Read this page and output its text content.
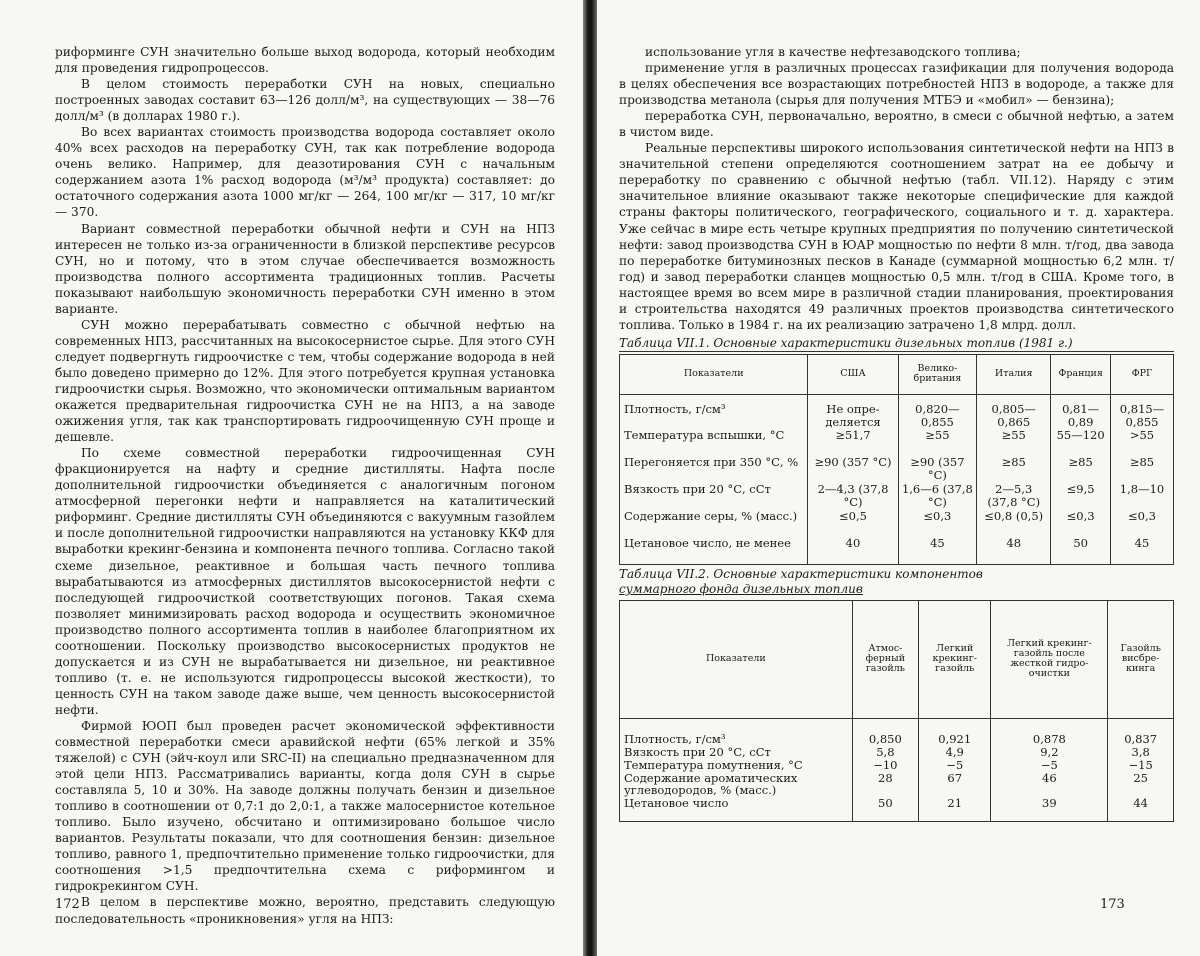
риформинге СУН значительно больше выход водорода, который необходим для проведения гидропроцессов.

В целом стоимость переработки СУН на новых, специально построенных заводах составит 63—126 долл/м³, на существующих — 38—76 долл/м³ (в долларах 1980 г.).

Во всех вариантах стоимость производства водорода составляет около 40% всех расходов на переработку СУН, так как потребление водорода очень велико. Например, для деазотирования СУН с начальным содержанием азота 1% расход водорода (м³/м³ продукта) составляет: до остаточного содержания азота 1000 мг/кг — 264, 100 мг/кг — 317, 10 мг/кг — 370.

Вариант совместной переработки обычной нефти и СУН на НПЗ интересен не только из-за ограниченности в близкой перспективе ресурсов СУН, но и потому, что в этом случае обеспечивается возможность производства полного ассортимента традиционных топлив. Расчеты показывают наибольшую экономичность переработки СУН именно в этом варианте.

СУН можно перерабатывать совместно с обычной нефтью на современных НПЗ, рассчитанных на высокосернистое сырье. Для этого СУН следует подвергнуть гидроочистке с тем, чтобы содержание водорода в ней было доведено примерно до 12%. Для этого потребуется крупная установка гидроочистки сырья. Возможно, что экономически оптимальным вариантом окажется предварительная гидроочистка СУН не на НПЗ, а на заводе ожижения угля, так как транспортировать гидроочищенную СУН проще и дешевле.

По схеме совместной переработки гидроочищенная СУН фракционируется на нафту и средние дистилляты. Нафта после дополнительной гидроочистки объединяется с аналогичным погоном атмосферной перегонки нефти и направляется на каталитический риформинг. Средние дистилляты СУН объединяются с вакуумным газойлем и после дополнительной гидроочистки направляются на установку ККФ для выработки крекинг-бензина и компонента печного топлива. Согласно такой схеме дизельное, реактивное и большая часть печного топлива вырабатываются из атмосферных дистиллятов высокосернистой нефти с последующей гидроочисткой соответствующих погонов. Такая схема позволяет минимизировать расход водорода и осуществить экономичное производство полного ассортимента топлив в наиболее благоприятном их соотношении. Поскольку производство высокосернистых продуктов не допускается и из СУН не вырабатывается ни дизельное, ни реактивное топливо (т. е. не используются гидропроцессы высокой жесткости), то ценность СУН на таком заводе даже выше, чем ценность высокосернистой нефти.

Фирмой ЮОП был проведен расчет экономической эффективности совместной переработки смеси аравийской нефти (65% легкой и 35% тяжелой) с СУН (эйч-коул или SRC-II) на специально предназначенном для этой цели НПЗ. Рассматривались варианты, когда доля СУН в сырье составляла 5, 10 и 30%. На заводе должны получать бензин и дизельное топливо в соотношении от 0,7:1 до 2,0:1, а также малосернистое котельное топливо. Было изучено, обсчитано и оптимизировано большое число вариантов. Результаты показали, что для соотношения бензин: дизельное топливо, равного 1, предпочтительно применение только гидроочистки, для соотношения >1,5 предпочтительна схема с риформингом и гидрокрекингом СУН.

В целом в перспективе можно, вероятно, представить следующую последовательность «проникновения» угля на НПЗ:

172

использование угля в качестве нефтезаводского топлива;

применение угля в различных процессах газификации для получения водорода в целях обеспечения все возрастающих потребностей НПЗ в водороде, а также для производства метанола (сырья для получения МТБЭ и «мобил» — бензина);

переработка СУН, первоначально, вероятно, в смеси с обычной нефтью, а затем в чистом виде.

Реальные перспективы широкого использования синтетической нефти на НПЗ в значительной степени определяются соотношением затрат на ее добычу и переработку по сравнению с обычной нефтью (табл. VII.12). Наряду с этим значительное влияние оказывают также некоторые специфические для каждой страны факторы политического, географического, социального и т. д. характера. Уже сейчас в мире есть четыре крупных предприятия по получению синтетической нефти: завод производства СУН в ЮАР мощностью по нефти 8 млн. т/год, два завода по переработке битуминозных песков в Канаде (суммарной мощностью 6,2 млн. т/год) и завод переработки сланцев мощностью 0,5 млн. т/год в США. Кроме того, в настоящее время во всем мире в различной стадии планирования, проектирования и строительства находятся 49 различных проектов производства синтетического топлива. Только в 1984 г. на их реализацию затрачено 1,8 млрд. долл.

Таблица VII.1. Основные характеристики дизельных топлив (1981 г.)

Показатели	США	Велико-британия	Италия	Франция	ФРГ
Плотность, г/см³	Не опре-деляется	0,820—0,855	0,805—0,865	0,81—0,89	0,815—0,855
Температура вспышки, °С	≥51,7	≥55	≥55	55—120	>55
Перегоняется при 350 °С, %	≥90 (357 °С)	≥90 (357 °С)	≥85	≥85	≥85
Вязкость при 20 °С, сСт	2—4,3 (37,8 °С)	1,6—6 (37,8 °С)	2—5,3 (37,8 °С)	≤9,5	1,8—10
Содержание серы, % (масс.)	≤0,5	≤0,3	≤0,8 (0,5)	≤0,3	≤0,3
Цетановое число, не менее	40	45	48	50	45

Таблица VII.2. Основные характеристики компонентов

суммарного фонда дизельных топлив

Показатели	Атмос-ферный газойль	Легкий крекинг-газойль	Легкий крекинг-газойль после жесткой гидро-очистки	Газойль висбре-кинга
Плотность, г/см³	0,850	0,921	0,878	0,837
Вязкость при 20 °С, сСт	5,8	4,9	9,2	3,8
Температура помутнения, °С	−10	−5	−5	−15
Содержание ароматических углеводородов, % (масс.)	28	67	46	25
Цетановое число	50	21	39	44
173
